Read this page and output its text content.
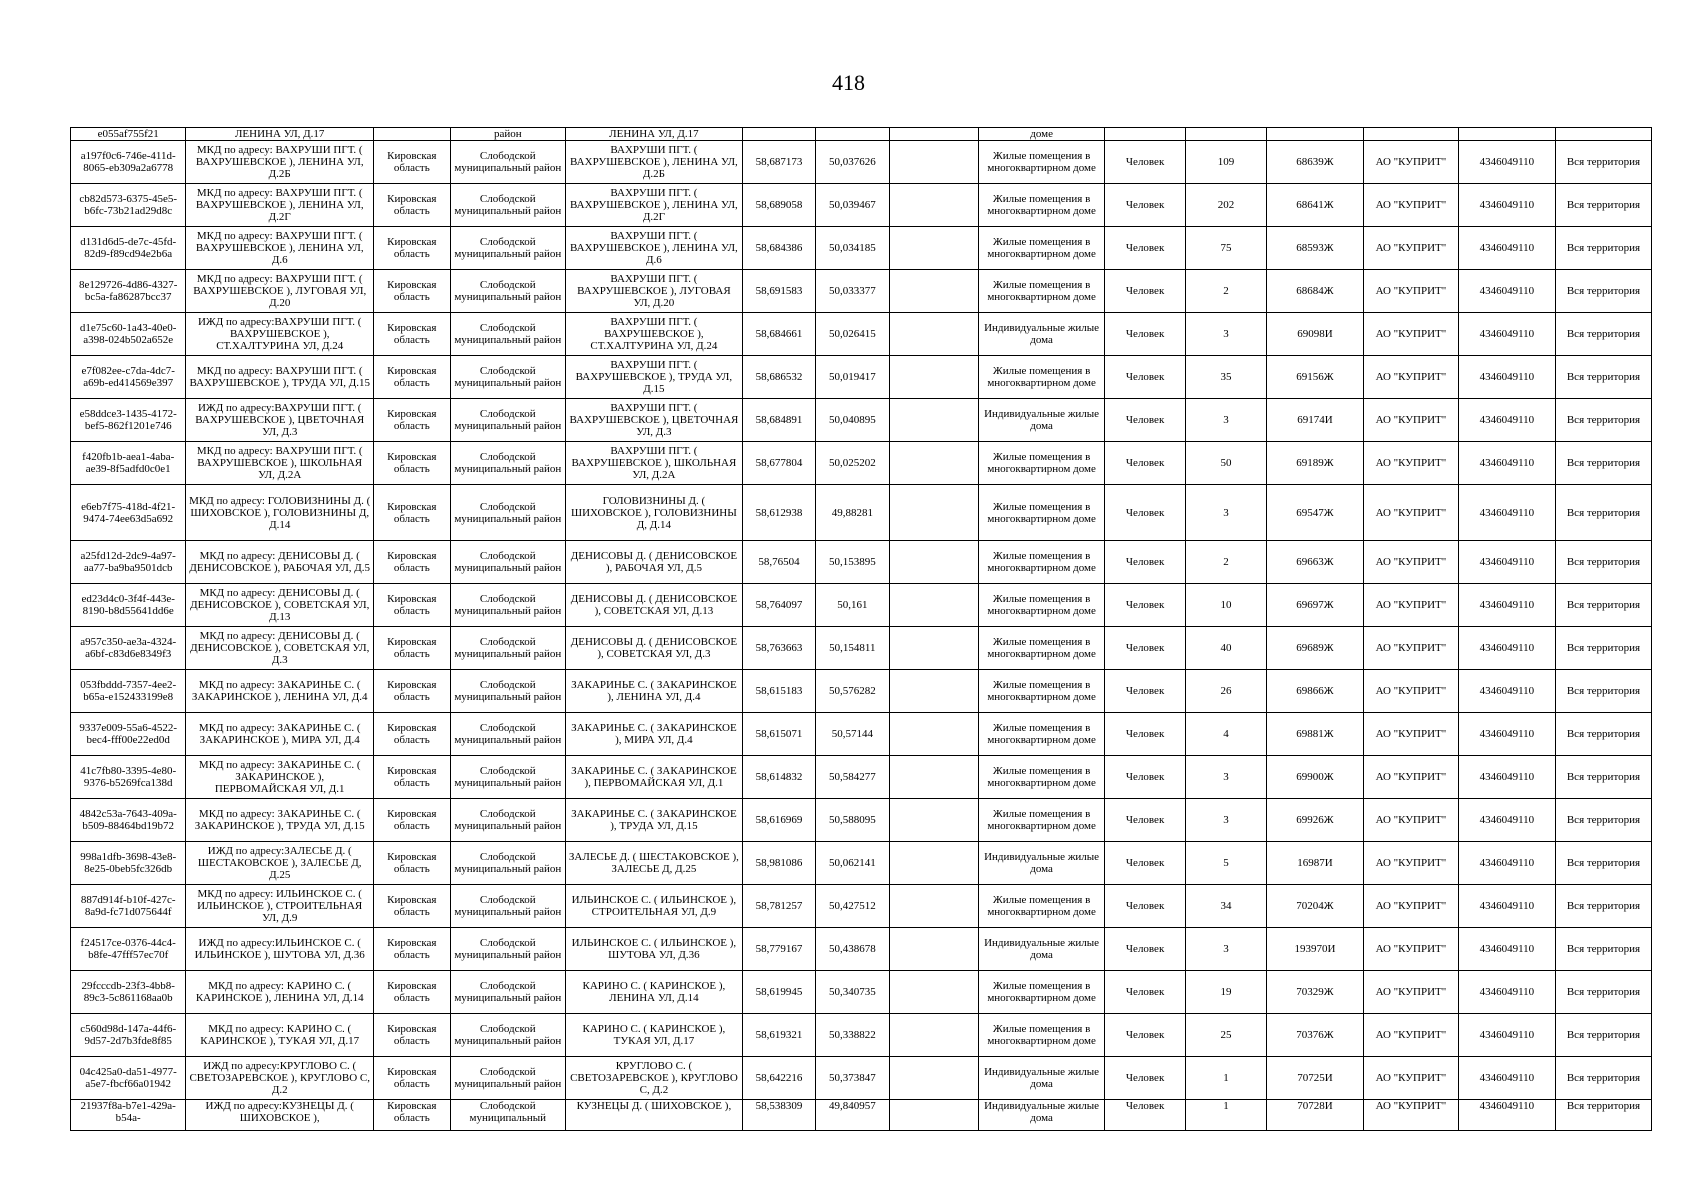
418
e055af755f21	ЛЕНИНА УЛ, Д.17		район	ЛЕНИНА УЛ, Д.17				доме							
a197f0c6-746e-411d-8065-eb309a2a6778	МКД по адресу: ВАХРУШИ ПГТ. ( ВАХРУШЕВСКОЕ ), ЛЕНИНА УЛ, Д.2Б	Кировская область	Слободской муниципальный район	ВАХРУШИ ПГТ. ( ВАХРУШЕВСКОЕ ), ЛЕНИНА УЛ, Д.2Б	58,687173	50,037626		Жилые помещения в многоквартирном доме	Человек	109	68639Ж	АО "КУПРИТ"		4346049110	Вся территория
cb82d573-6375-45e5-b6fc-73b21ad29d8c	МКД по адресу: ВАХРУШИ ПГТ. ( ВАХРУШЕВСКОЕ ), ЛЕНИНА УЛ, Д.2Г	Кировская область	Слободской муниципальный район	ВАХРУШИ ПГТ. ( ВАХРУШЕВСКОЕ ), ЛЕНИНА УЛ, Д.2Г	58,689058	50,039467		Жилые помещения в многоквартирном доме	Человек	202	68641Ж	АО "КУПРИТ"		4346049110	Вся территория
d131d6d5-de7c-45fd-82d9-f89cd94e2b6a	МКД по адресу: ВАХРУШИ ПГТ. ( ВАХРУШЕВСКОЕ ), ЛЕНИНА УЛ, Д.6	Кировская область	Слободской муниципальный район	ВАХРУШИ ПГТ. ( ВАХРУШЕВСКОЕ ), ЛЕНИНА УЛ, Д.6	58,684386	50,034185		Жилые помещения в многоквартирном доме	Человек	75	68593Ж	АО "КУПРИТ"		4346049110	Вся территория
8e129726-4d86-4327-bc5a-fa86287bcc37	МКД по адресу: ВАХРУШИ ПГТ. ( ВАХРУШЕВСКОЕ ), ЛУГОВАЯ УЛ, Д.20	Кировская область	Слободской муниципальный район	ВАХРУШИ ПГТ. ( ВАХРУШЕВСКОЕ ), ЛУГОВАЯ УЛ, Д.20	58,691583	50,033377		Жилые помещения в многоквартирном доме	Человек	2	68684Ж	АО "КУПРИТ"		4346049110	Вся территория
d1e75c60-1a43-40e0-a398-024b502a652e	ИЖД по адресу:ВАХРУШИ ПГТ. ( ВАХРУШЕВСКОЕ ), СТ.ХАЛТУРИНА УЛ, Д.24	Кировская область	Слободской муниципальный район	ВАХРУШИ ПГТ. ( ВАХРУШЕВСКОЕ ), СТ.ХАЛТУРИНА УЛ, Д.24	58,684661	50,026415		Индивидуальные жилые дома	Человек	3	69098И	АО "КУПРИТ"		4346049110	Вся территория
e7f082ee-c7da-4dc7-a69b-ed414569e397	МКД по адресу: ВАХРУШИ ПГТ. ( ВАХРУШЕВСКОЕ ), ТРУДА УЛ, Д.15	Кировская область	Слободской муниципальный район	ВАХРУШИ ПГТ. ( ВАХРУШЕВСКОЕ ), ТРУДА УЛ, Д.15	58,686532	50,019417		Жилые помещения в многоквартирном доме	Человек	35	69156Ж	АО "КУПРИТ"		4346049110	Вся территория
e58ddce3-1435-4172-bef5-862f1201e746	ИЖД по адресу:ВАХРУШИ ПГТ. ( ВАХРУШЕВСКОЕ ), ЦВЕТОЧНАЯ УЛ, Д.3	Кировская область	Слободской муниципальный район	ВАХРУШИ ПГТ. ( ВАХРУШЕВСКОЕ ), ЦВЕТОЧНАЯ УЛ, Д.3	58,684891	50,040895		Индивидуальные жилые дома	Человек	3	69174И	АО "КУПРИТ"		4346049110	Вся территория
f420fb1b-aea1-4aba-ae39-8f5adfd0c0e1	МКД по адресу: ВАХРУШИ ПГТ. ( ВАХРУШЕВСКОЕ ), ШКОЛЬНАЯ УЛ, Д.2А	Кировская область	Слободской муниципальный район	ВАХРУШИ ПГТ. ( ВАХРУШЕВСКОЕ ), ШКОЛЬНАЯ УЛ, Д.2А	58,677804	50,025202		Жилые помещения в многоквартирном доме	Человек	50	69189Ж	АО "КУПРИТ"		4346049110	Вся территория
e6eb7f75-418d-4f21-9474-74ee63d5a692	МКД по адресу: ГОЛОВИЗНИНЫ Д. ( ШИХОВСКОЕ ), ГОЛОВИЗНИНЫ Д, Д.14	Кировская область	Слободской муниципальный район	ГОЛОВИЗНИНЫ Д. ( ШИХОВСКОЕ ), ГОЛОВИЗНИНЫ Д, Д.14	58,612938	49,88281		Жилые помещения в многоквартирном доме	Человек	3	69547Ж	АО "КУПРИТ"		4346049110	Вся территория
a25fd12d-2dc9-4a97-aa77-ba9ba9501dcb	МКД по адресу: ДЕНИСОВЫ Д. ( ДЕНИСОВСКОЕ ), РАБОЧАЯ УЛ, Д.5	Кировская область	Слободской муниципальный район	ДЕНИСОВЫ Д. ( ДЕНИСОВСКОЕ ), РАБОЧАЯ УЛ, Д.5	58,76504	50,153895		Жилые помещения в многоквартирном доме	Человек	2	69663Ж	АО "КУПРИТ"		4346049110	Вся территория
ed23d4c0-3f4f-443e-8190-b8d55641dd6e	МКД по адресу: ДЕНИСОВЫ Д. ( ДЕНИСОВСКОЕ ), СОВЕТСКАЯ УЛ, Д.13	Кировская область	Слободской муниципальный район	ДЕНИСОВЫ Д. ( ДЕНИСОВСКОЕ ), СОВЕТСКАЯ УЛ, Д.13	58,764097	50,161		Жилые помещения в многоквартирном доме	Человек	10	69697Ж	АО "КУПРИТ"		4346049110	Вся территория
a957c350-ae3a-4324-a6bf-c83d6e8349f3	МКД по адресу: ДЕНИСОВЫ Д. ( ДЕНИСОВСКОЕ ), СОВЕТСКАЯ УЛ, Д.3	Кировская область	Слободской муниципальный район	ДЕНИСОВЫ Д. ( ДЕНИСОВСКОЕ ), СОВЕТСКАЯ УЛ, Д.3	58,763663	50,154811		Жилые помещения в многоквартирном доме	Человек	40	69689Ж	АО "КУПРИТ"		4346049110	Вся территория
053fbddd-7357-4ee2-b65a-e152433199e8	МКД по адресу: ЗАКАРИНЬЕ С. ( ЗАКАРИНСКОЕ ), ЛЕНИНА УЛ, Д.4	Кировская область	Слободской муниципальный район	ЗАКАРИНЬЕ С. ( ЗАКАРИНСКОЕ ), ЛЕНИНА УЛ, Д.4	58,615183	50,576282		Жилые помещения в многоквартирном доме	Человек	26	69866Ж	АО "КУПРИТ"		4346049110	Вся территория
9337e009-55a6-4522-bec4-fff00e22ed0d	МКД по адресу: ЗАКАРИНЬЕ С. ( ЗАКАРИНСКОЕ ), МИРА УЛ, Д.4	Кировская область	Слободской муниципальный район	ЗАКАРИНЬЕ С. ( ЗАКАРИНСКОЕ ), МИРА УЛ, Д.4	58,615071	50,57144		Жилые помещения в многоквартирном доме	Человек	4	69881Ж	АО "КУПРИТ"		4346049110	Вся территория
41c7fb80-3395-4e80-9376-b5269fca138d	МКД по адресу: ЗАКАРИНЬЕ С. ( ЗАКАРИНСКОЕ ), ПЕРВОМАЙСКАЯ УЛ, Д.1	Кировская область	Слободской муниципальный район	ЗАКАРИНЬЕ С. ( ЗАКАРИНСКОЕ ), ПЕРВОМАЙСКАЯ УЛ, Д.1	58,614832	50,584277		Жилые помещения в многоквартирном доме	Человек	3	69900Ж	АО "КУПРИТ"		4346049110	Вся территория
4842c53a-7643-409a-b509-88464bd19b72	МКД по адресу: ЗАКАРИНЬЕ С. ( ЗАКАРИНСКОЕ ), ТРУДА УЛ, Д.15	Кировская область	Слободской муниципальный район	ЗАКАРИНЬЕ С. ( ЗАКАРИНСКОЕ ), ТРУДА УЛ, Д.15	58,616969	50,588095		Жилые помещения в многоквартирном доме	Человек	3	69926Ж	АО "КУПРИТ"		4346049110	Вся территория
998a1dfb-3698-43e8-8e25-0beb5fc326db	ИЖД по адресу:ЗАЛЕСЬЕ Д. ( ШЕСТАКОВСКОЕ ), ЗАЛЕСЬЕ Д, Д.25	Кировская область	Слободской муниципальный район	ЗАЛЕСЬЕ Д. ( ШЕСТАКОВСКОЕ ), ЗАЛЕСЬЕ Д, Д.25	58,981086	50,062141		Индивидуальные жилые дома	Человек	5	16987И	АО "КУПРИТ"		4346049110	Вся территория
887d914f-b10f-427c-8a9d-fc71d075644f	МКД по адресу: ИЛЬИНСКОЕ С. ( ИЛЬИНСКОЕ ), СТРОИТЕЛЬНАЯ УЛ, Д.9	Кировская область	Слободской муниципальный район	ИЛЬИНСКОЕ С. ( ИЛЬИНСКОЕ ), СТРОИТЕЛЬНАЯ УЛ, Д.9	58,781257	50,427512		Жилые помещения в многоквартирном доме	Человек	34	70204Ж	АО "КУПРИТ"		4346049110	Вся территория
f24517ce-0376-44c4-b8fe-47fff57ec70f	ИЖД по адресу:ИЛЬИНСКОЕ С. ( ИЛЬИНСКОЕ ), ШУТОВА УЛ, Д.36	Кировская область	Слободской муниципальный район	ИЛЬИНСКОЕ С. ( ИЛЬИНСКОЕ ), ШУТОВА УЛ, Д.36	58,779167	50,438678		Индивидуальные жилые дома	Человек	3	193970И	АО "КУПРИТ"		4346049110	Вся территория
29fcccdb-23f3-4bb8-89c3-5c861168aa0b	МКД по адресу: КАРИНО С. ( КАРИНСКОЕ ), ЛЕНИНА УЛ, Д.14	Кировская область	Слободской муниципальный район	КАРИНО С. ( КАРИНСКОЕ ), ЛЕНИНА УЛ, Д.14	58,619945	50,340735		Жилые помещения в многоквартирном доме	Человек	19	70329Ж	АО "КУПРИТ"		4346049110	Вся территория
c560d98d-147a-44f6-9d57-2d7b3fde8f85	МКД по адресу: КАРИНО С. ( КАРИНСКОЕ ), ТУКАЯ УЛ, Д.17	Кировская область	Слободской муниципальный район	КАРИНО С. ( КАРИНСКОЕ ), ТУКАЯ УЛ, Д.17	58,619321	50,338822		Жилые помещения в многоквартирном доме	Человек	25	70376Ж	АО "КУПРИТ"		4346049110	Вся территория
04c425a0-da51-4977-a5e7-fbcf66a01942	ИЖД по адресу:КРУГЛОВО С. ( СВЕТОЗАРЕВСКОЕ ), КРУГЛОВО С, Д.2	Кировская область	Слободской муниципальный район	КРУГЛОВО С. ( СВЕТОЗАРЕВСКОЕ ), КРУГЛОВО С, Д.2	58,642216	50,373847		Индивидуальные жилые дома	Человек	1	70725И	АО "КУПРИТ"		4346049110	Вся территория
21937f8a-b7e1-429a-b54a-	ИЖД по адресу:КУЗНЕЦЫ Д. ( ШИХОВСКОЕ ),	Кировская область	Слободской муниципальный	КУЗНЕЦЫ Д. ( ШИХОВСКОЕ ),	58,538309	49,840957		Индивидуальные жилые дома	Человек	1	70728И	АО "КУПРИТ"		4346049110	Вся территория
